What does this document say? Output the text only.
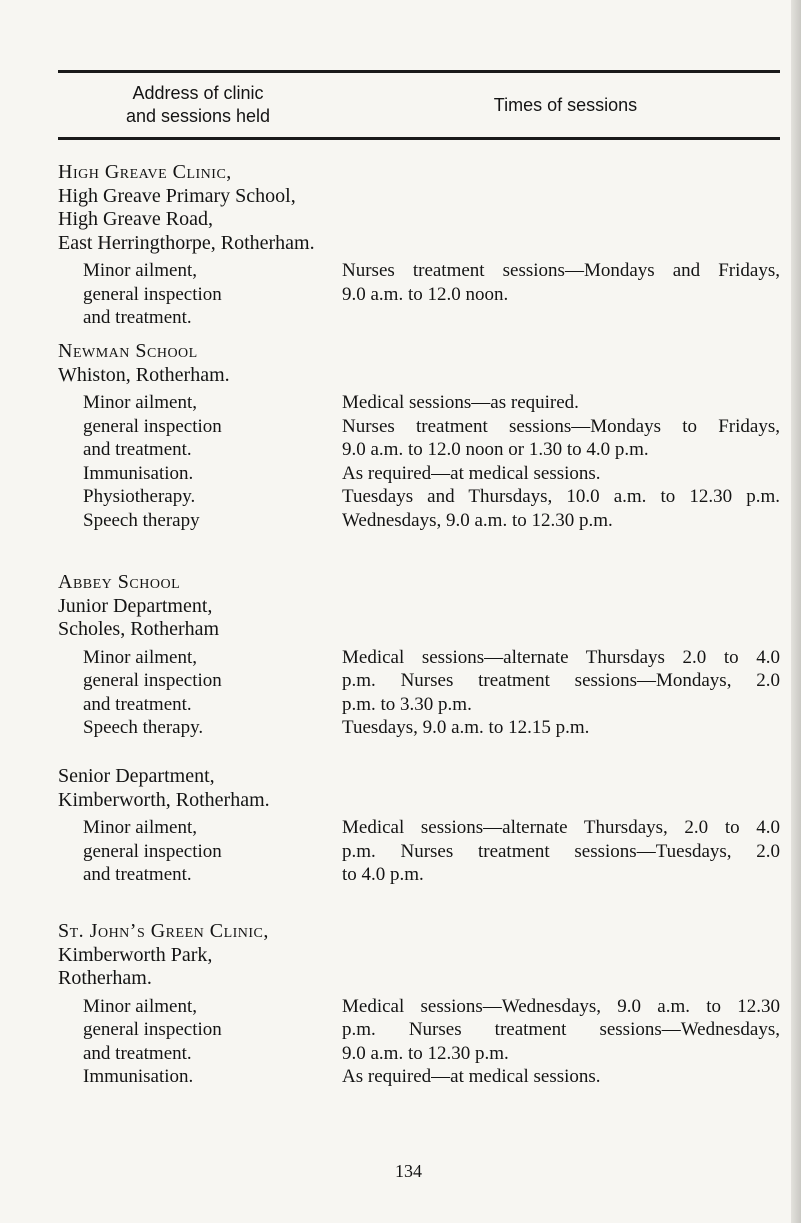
Address of clinic
and sessions held
Times of sessions
High Greave Clinic,
High Greave Primary School,
High Greave Road,
East Herringthorpe, Rotherham.
Minor ailment,
general inspection
and treatment.
Nurses treatment sessions—Mondays and Fridays,
9.0 a.m. to 12.0 noon.
Newman School
Whiston, Rotherham.
Minor ailment,
general inspection
and treatment.
Immunisation.
Physiotherapy.
Speech therapy
Medical sessions—as required.
Nurses treatment sessions—Mondays to Fridays,
9.0 a.m. to 12.0 noon or 1.30 to 4.0 p.m.
As required—at medical sessions.
Tuesdays and Thursdays, 10.0 a.m. to 12.30 p.m.
Wednesdays, 9.0 a.m. to 12.30 p.m.
Abbey School
Junior Department,
Scholes, Rotherham
Minor ailment,
general inspection
and treatment.
Speech therapy.
Medical sessions—alternate Thursdays 2.0 to 4.0
p.m. Nurses treatment sessions—Mondays, 2.0
p.m. to 3.30 p.m.
Tuesdays, 9.0 a.m. to 12.15 p.m.
Senior Department,
Kimberworth, Rotherham.
Minor ailment,
general inspection
and treatment.
Medical sessions—alternate Thursdays, 2.0 to 4.0
p.m. Nurses treatment sessions—Tuesdays, 2.0
to 4.0 p.m.
St. John’s Green Clinic,
Kimberworth Park,
Rotherham.
Minor ailment,
general inspection
and treatment.
Immunisation.
Medical sessions—Wednesdays, 9.0 a.m. to 12.30
p.m. Nurses treatment sessions—Wednesdays,
9.0 a.m. to 12.30 p.m.
As required—at medical sessions.
134
